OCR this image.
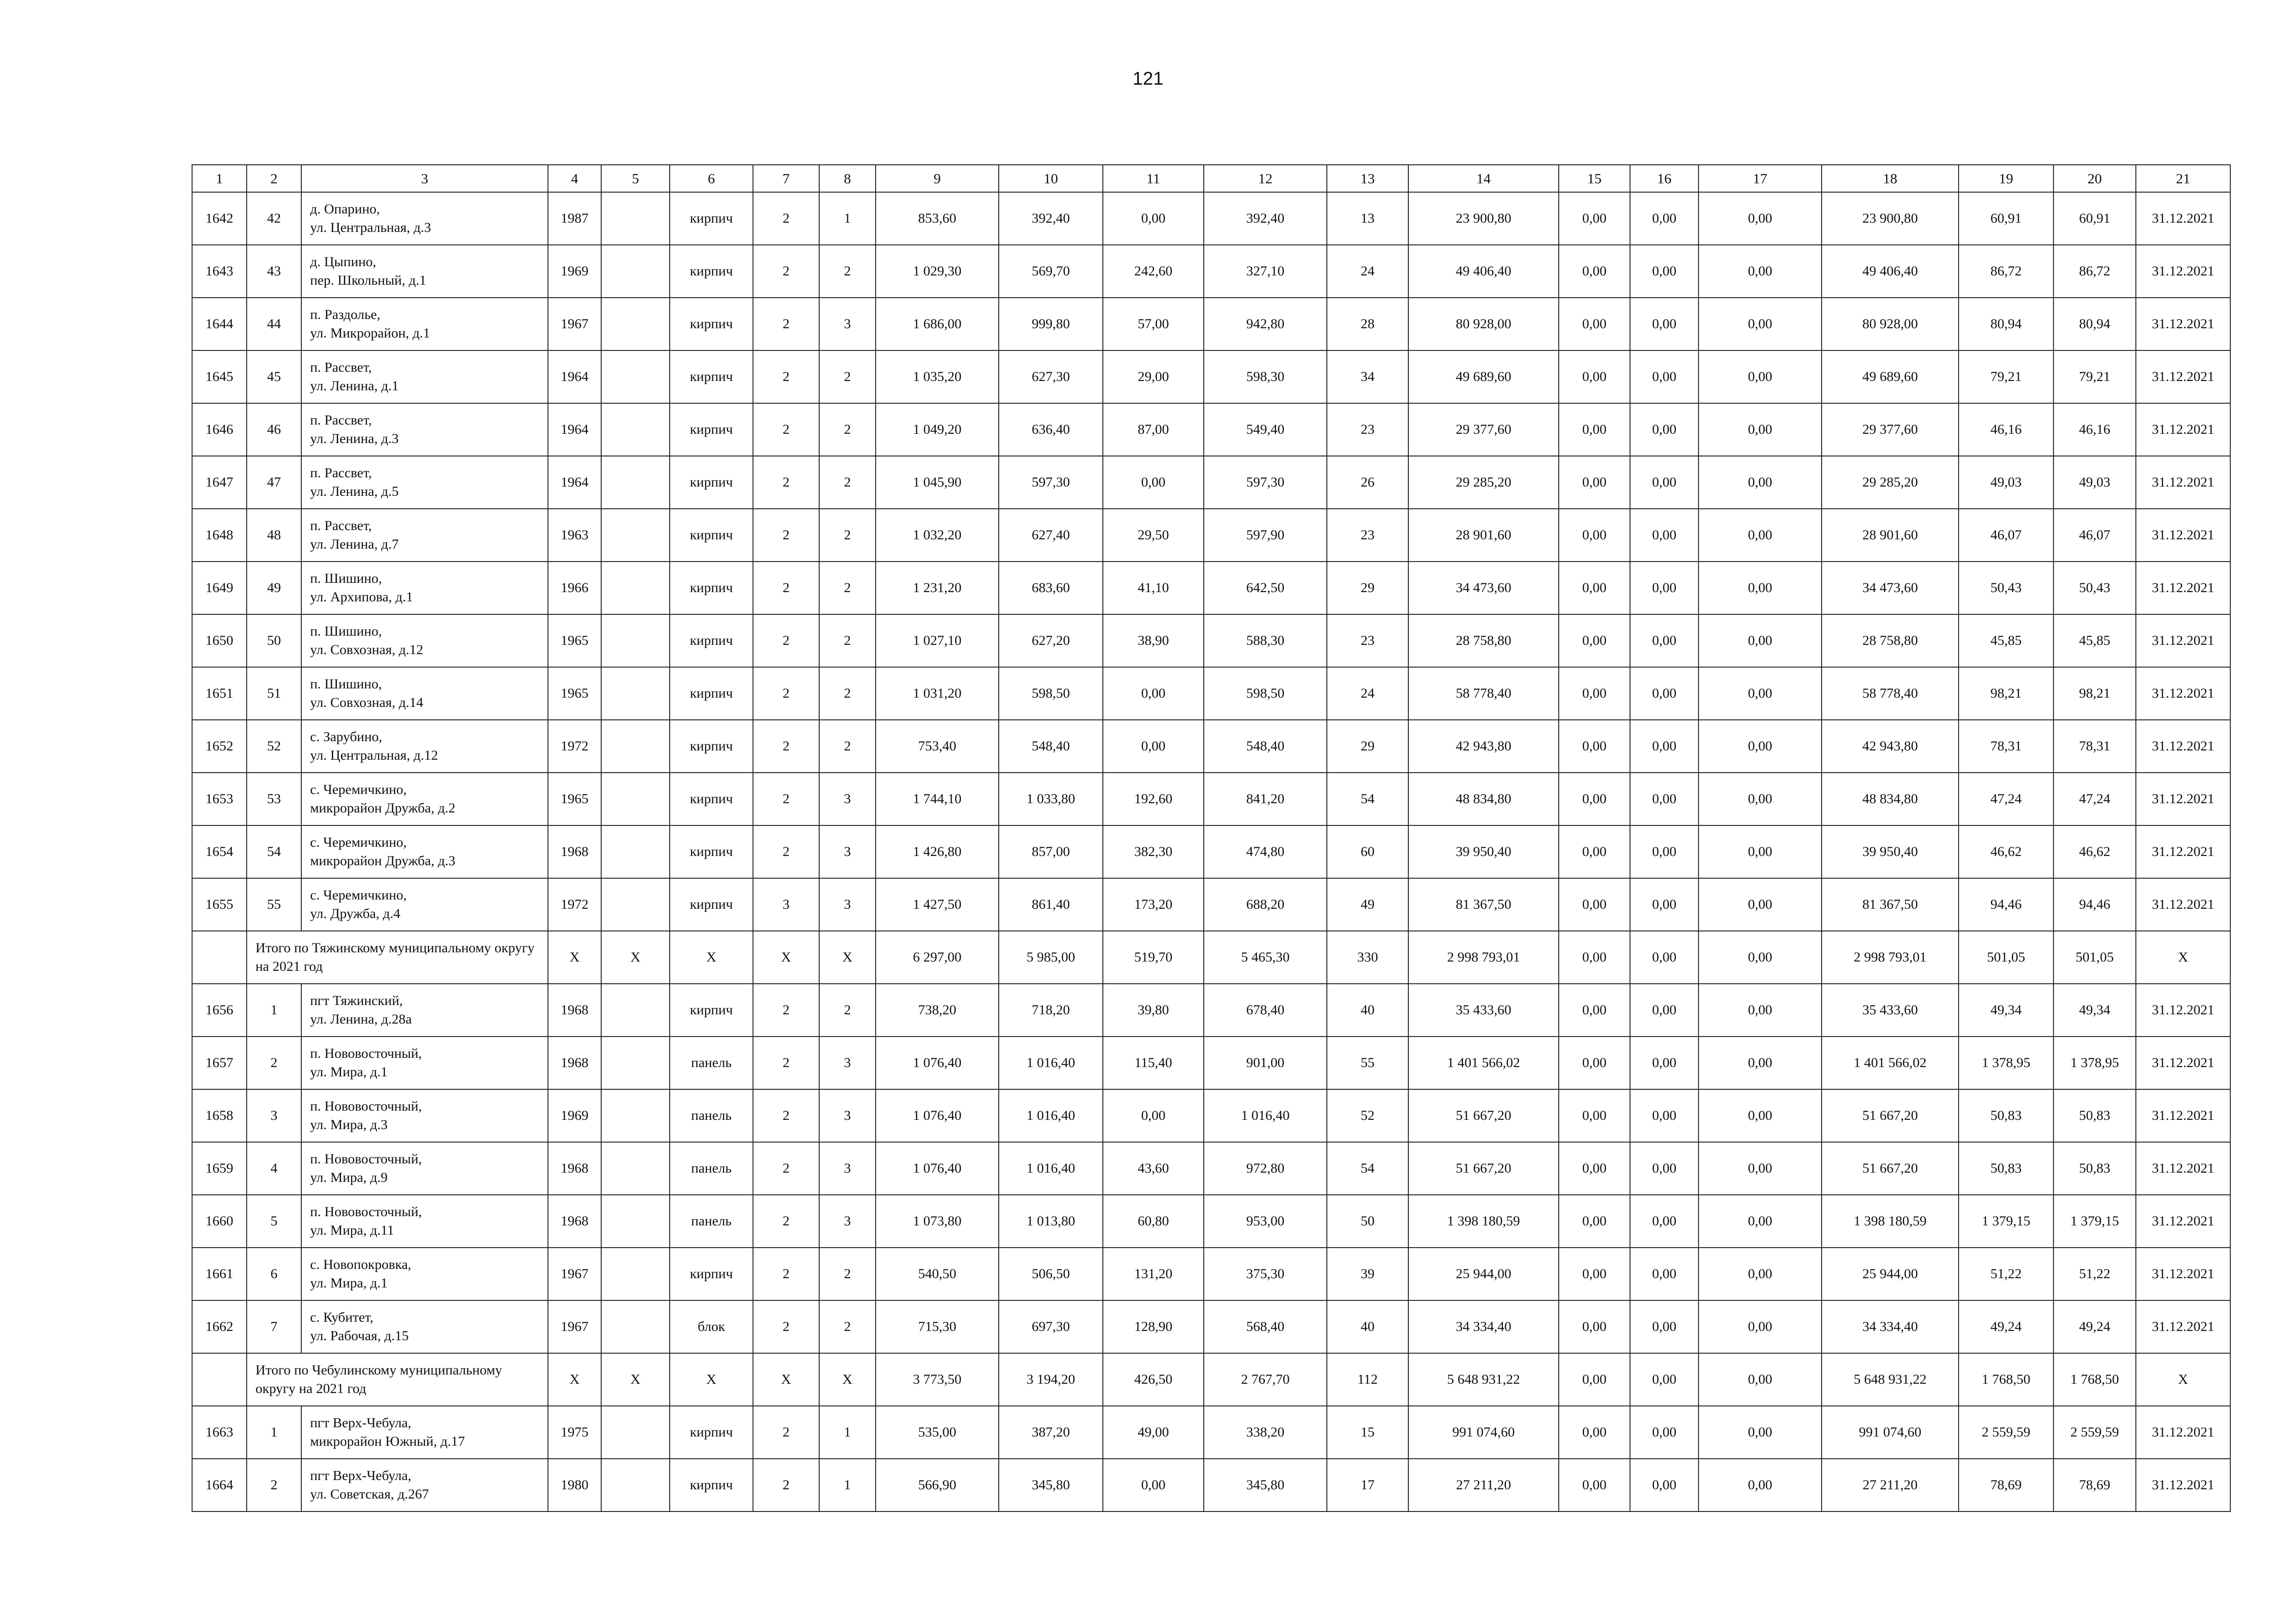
121
1	2	3	4	5	6	7	8	9	10	11	12	13	14	15	16	17	18	19	20	21
1642	42	д. Опарино,
ул. Центральная, д.3	1987		кирпич	2	1	853,60	392,40	0,00	392,40	13	23 900,80	0,00	0,00	0,00	23 900,80	60,91	60,91	31.12.2021
1643	43	д. Цыпино,
пер. Школьный, д.1	1969		кирпич	2	2	1 029,30	569,70	242,60	327,10	24	49 406,40	0,00	0,00	0,00	49 406,40	86,72	86,72	31.12.2021
1644	44	п. Раздолье,
ул. Микрорайон, д.1	1967		кирпич	2	3	1 686,00	999,80	57,00	942,80	28	80 928,00	0,00	0,00	0,00	80 928,00	80,94	80,94	31.12.2021
1645	45	п. Рассвет,
ул. Ленина, д.1	1964		кирпич	2	2	1 035,20	627,30	29,00	598,30	34	49 689,60	0,00	0,00	0,00	49 689,60	79,21	79,21	31.12.2021
1646	46	п. Рассвет,
ул. Ленина, д.3	1964		кирпич	2	2	1 049,20	636,40	87,00	549,40	23	29 377,60	0,00	0,00	0,00	29 377,60	46,16	46,16	31.12.2021
1647	47	п. Рассвет,
ул. Ленина, д.5	1964		кирпич	2	2	1 045,90	597,30	0,00	597,30	26	29 285,20	0,00	0,00	0,00	29 285,20	49,03	49,03	31.12.2021
1648	48	п. Рассвет,
ул. Ленина, д.7	1963		кирпич	2	2	1 032,20	627,40	29,50	597,90	23	28 901,60	0,00	0,00	0,00	28 901,60	46,07	46,07	31.12.2021
1649	49	п. Шишино,
ул. Архипова, д.1	1966		кирпич	2	2	1 231,20	683,60	41,10	642,50	29	34 473,60	0,00	0,00	0,00	34 473,60	50,43	50,43	31.12.2021
1650	50	п. Шишино,
ул. Совхозная, д.12	1965		кирпич	2	2	1 027,10	627,20	38,90	588,30	23	28 758,80	0,00	0,00	0,00	28 758,80	45,85	45,85	31.12.2021
1651	51	п. Шишино,
ул. Совхозная, д.14	1965		кирпич	2	2	1 031,20	598,50	0,00	598,50	24	58 778,40	0,00	0,00	0,00	58 778,40	98,21	98,21	31.12.2021
1652	52	с. Зарубино,
ул. Центральная, д.12	1972		кирпич	2	2	753,40	548,40	0,00	548,40	29	42 943,80	0,00	0,00	0,00	42 943,80	78,31	78,31	31.12.2021
1653	53	с. Черемичкино,
микрорайон Дружба, д.2	1965		кирпич	2	3	1 744,10	1 033,80	192,60	841,20	54	48 834,80	0,00	0,00	0,00	48 834,80	47,24	47,24	31.12.2021
1654	54	с. Черемичкино,
микрорайон Дружба, д.3	1968		кирпич	2	3	1 426,80	857,00	382,30	474,80	60	39 950,40	0,00	0,00	0,00	39 950,40	46,62	46,62	31.12.2021
1655	55	с. Черемичкино,
ул. Дружба, д.4	1972		кирпич	3	3	1 427,50	861,40	173,20	688,20	49	81 367,50	0,00	0,00	0,00	81 367,50	94,46	94,46	31.12.2021
	Итого по Тяжинскому муниципальному округу на 2021 год		X	X	X	X	X	6 297,00	5 985,00	519,70	5 465,30	330	2 998 793,01	0,00	0,00	0,00	2 998 793,01	501,05	501,05	X
1656	1	пгт Тяжинский,
ул. Ленина, д.28а	1968		кирпич	2	2	738,20	718,20	39,80	678,40	40	35 433,60	0,00	0,00	0,00	35 433,60	49,34	49,34	31.12.2021
1657	2	п. Нововосточный,
ул. Мира, д.1	1968		панель	2	3	1 076,40	1 016,40	115,40	901,00	55	1 401 566,02	0,00	0,00	0,00	1 401 566,02	1 378,95	1 378,95	31.12.2021
1658	3	п. Нововосточный,
ул. Мира, д.3	1969		панель	2	3	1 076,40	1 016,40	0,00	1 016,40	52	51 667,20	0,00	0,00	0,00	51 667,20	50,83	50,83	31.12.2021
1659	4	п. Нововосточный,
ул. Мира, д.9	1968		панель	2	3	1 076,40	1 016,40	43,60	972,80	54	51 667,20	0,00	0,00	0,00	51 667,20	50,83	50,83	31.12.2021
1660	5	п. Нововосточный,
ул. Мира, д.11	1968		панель	2	3	1 073,80	1 013,80	60,80	953,00	50	1 398 180,59	0,00	0,00	0,00	1 398 180,59	1 379,15	1 379,15	31.12.2021
1661	6	с. Новопокровка,
ул. Мира, д.1	1967		кирпич	2	2	540,50	506,50	131,20	375,30	39	25 944,00	0,00	0,00	0,00	25 944,00	51,22	51,22	31.12.2021
1662	7	с. Кубитет,
ул. Рабочая, д.15	1967		блок	2	2	715,30	697,30	128,90	568,40	40	34 334,40	0,00	0,00	0,00	34 334,40	49,24	49,24	31.12.2021
	Итого по Чебулинскому муниципальному округу на 2021 год		X	X	X	X	X	3 773,50	3 194,20	426,50	2 767,70	112	5 648 931,22	0,00	0,00	0,00	5 648 931,22	1 768,50	1 768,50	X
1663	1	пгт Верх-Чебула,
микрорайон Южный, д.17	1975		кирпич	2	1	535,00	387,20	49,00	338,20	15	991 074,60	0,00	0,00	0,00	991 074,60	2 559,59	2 559,59	31.12.2021
1664	2	пгт Верх-Чебула,
ул. Советская, д.267	1980		кирпич	2	1	566,90	345,80	0,00	345,80	17	27 211,20	0,00	0,00	0,00	27 211,20	78,69	78,69	31.12.2021
